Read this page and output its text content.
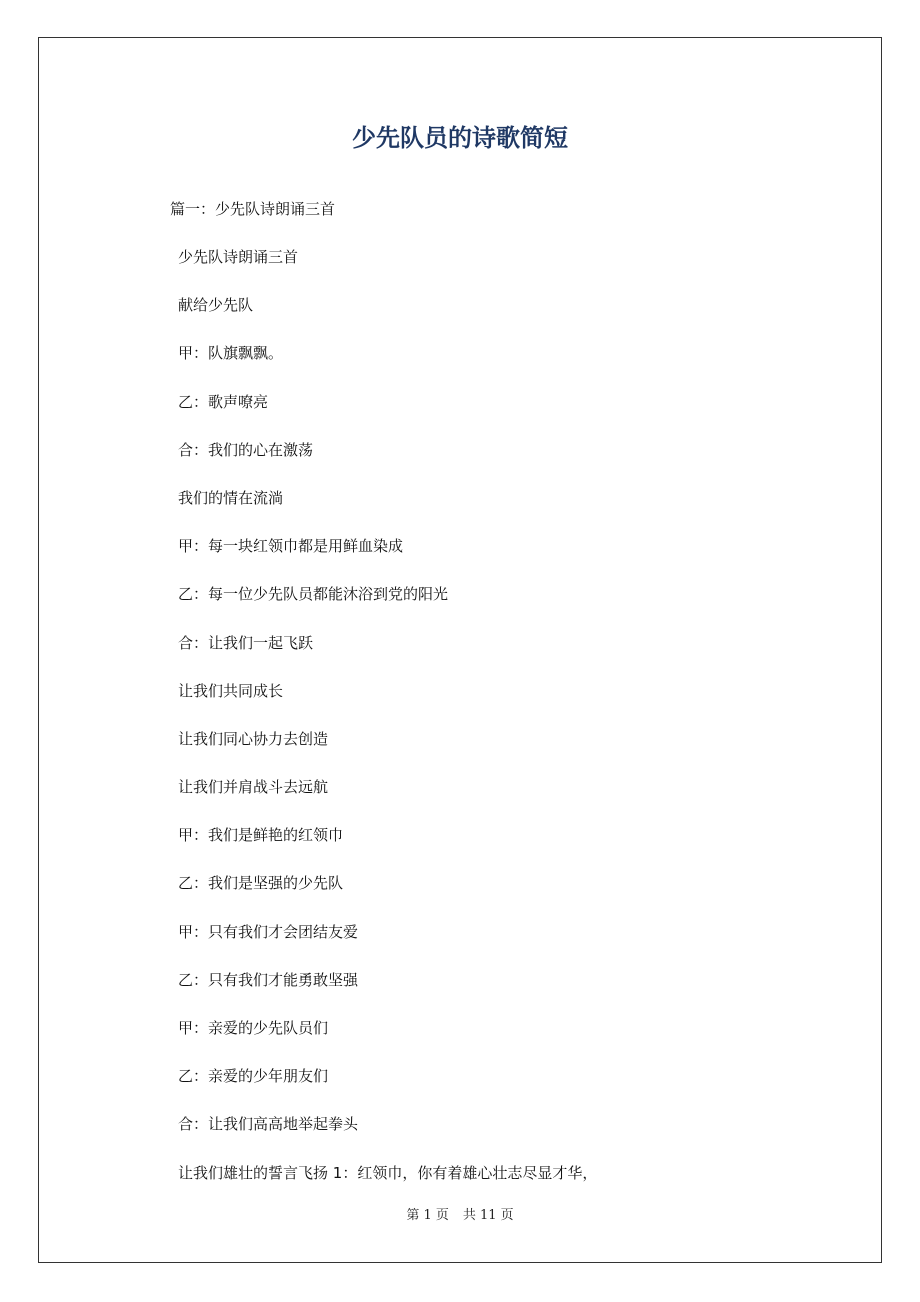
少先队员的诗歌简短

篇一：少先队诗朗诵三首

少先队诗朗诵三首
献给少先队
甲：队旗飘飘。
乙：歌声嘹亮
合：我们的心在激荡
我们的情在流淌
甲：每一块红领巾都是用鲜血染成
乙：每一位少先队员都能沐浴到党的阳光
合：让我们一起飞跃
让我们共同成长
让我们同心协力去创造
让我们并肩战斗去远航
甲：我们是鲜艳的红领巾
乙：我们是坚强的少先队
甲：只有我们才会团结友爱
乙：只有我们才能勇敢坚强
甲：亲爱的少先队员们
乙：亲爱的少年朋友们
合：让我们高高地举起拳头
让我们雄壮的誓言飞扬 1：红领巾，你有着雄心壮志尽显才华，
第 1 页 共 11 页
